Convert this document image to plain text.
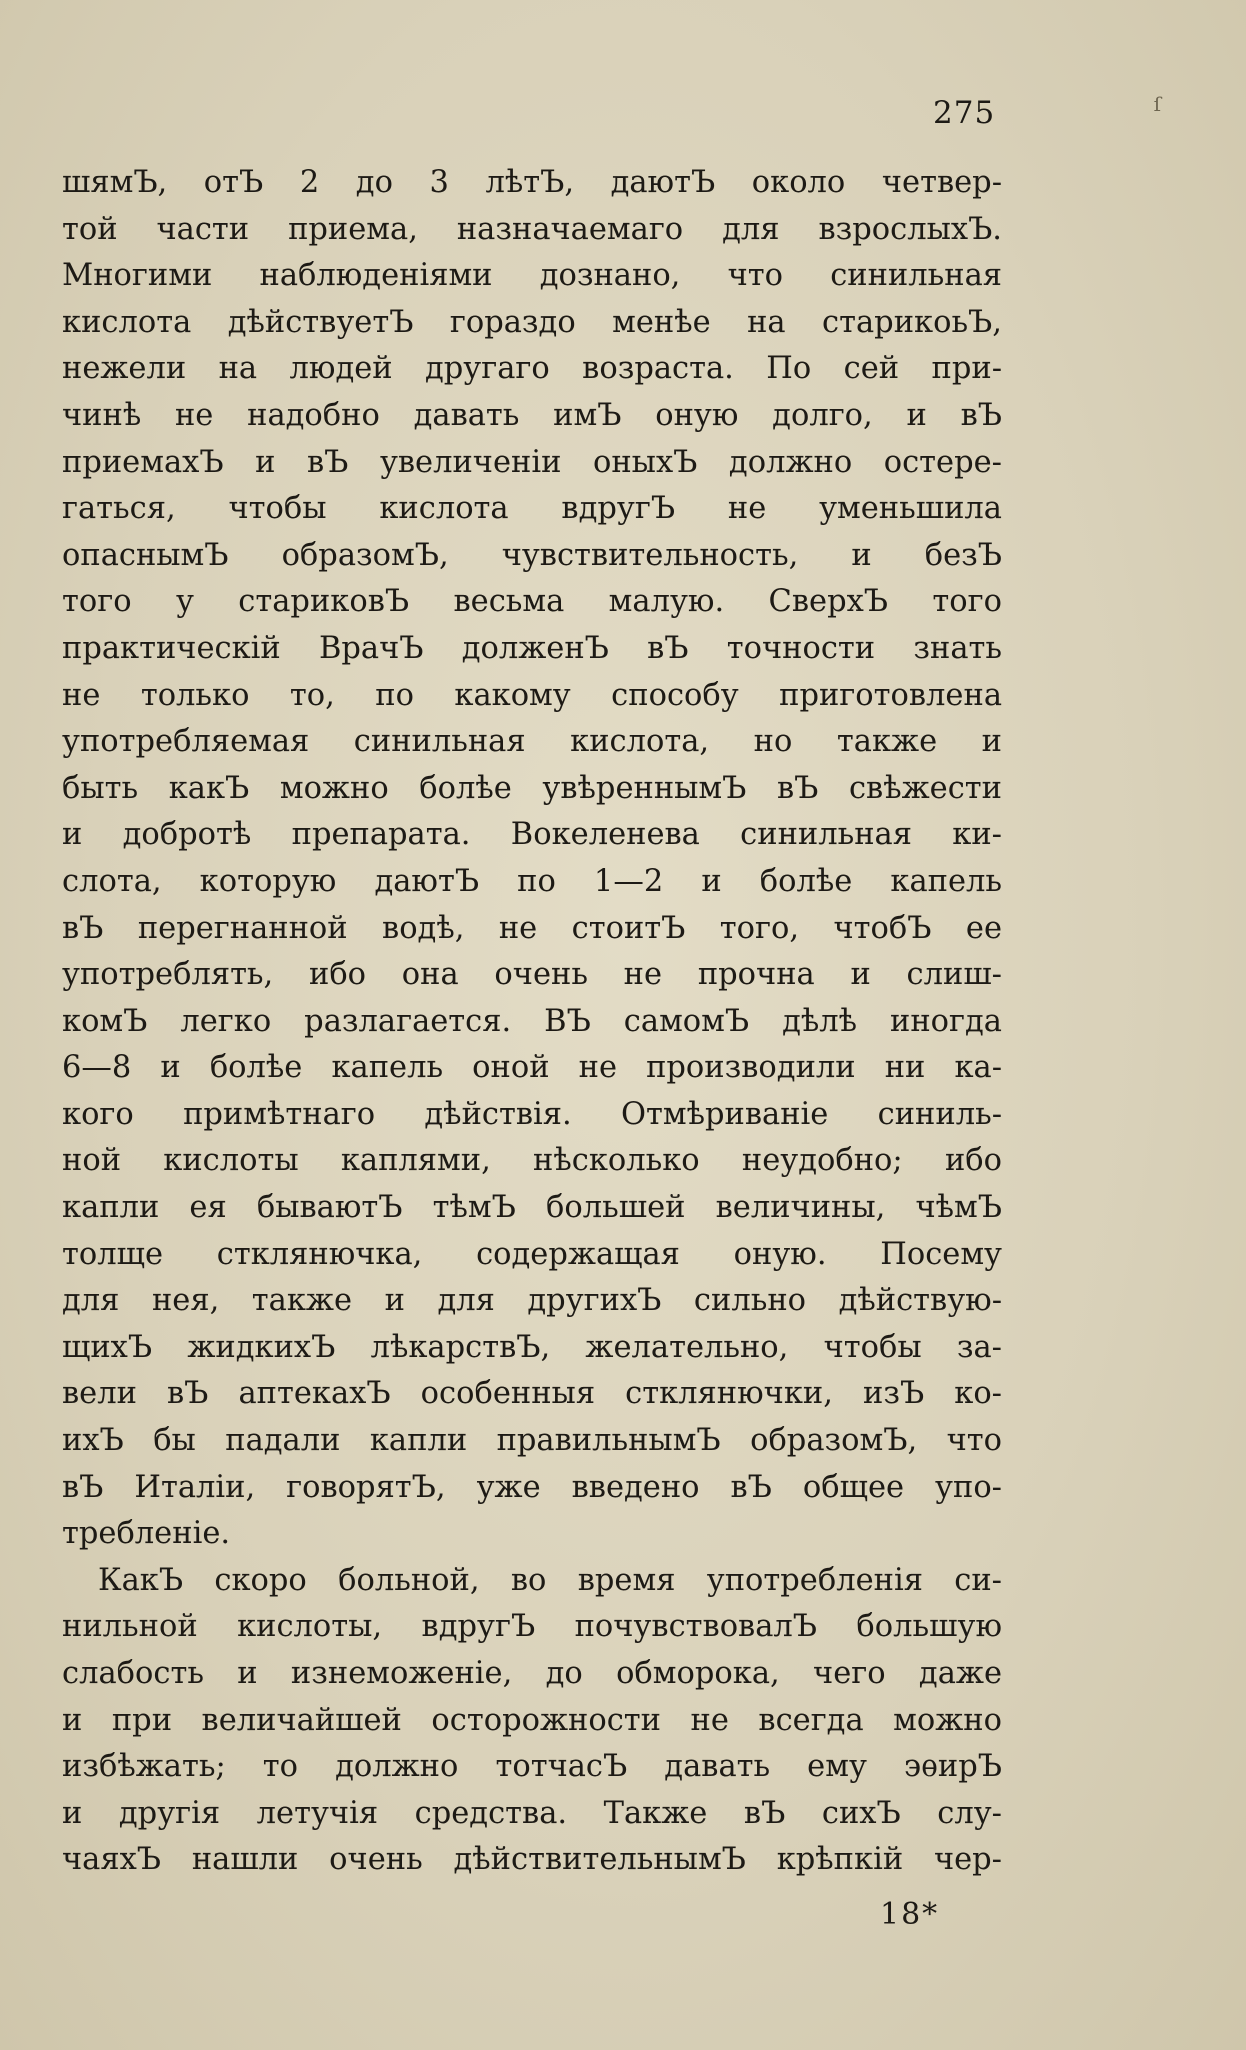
275	ſ
шямЪ, отЪ 2 до 3 лѣтЪ, даютЪ около четвер-
той части приема, назначаемаго для взрослыхЪ.
Многими наблюденіями дознано, что синильная
кислота дѣйствуетЪ гораздо менѣе на старикоьЪ,
нежели на людей другаго возраста. По сей при-
чинѣ не надобно давать имЪ оную долго, и вЪ
приемахЪ и вЪ увеличеніи оныхЪ должно остере-
гаться, чтобы кислота вдругЪ не уменьшила
опаснымЪ образомЪ, чувствительность, и безЪ
того у стариковЪ весьма малую. СверхЪ того
практическій ВрачЪ долженЪ вЪ точности знать
не только то, по какому способу приготовлена
употребляемая синильная кислота, но также и
быть какЪ можно болѣе увѣреннымЪ вЪ свѣжести
и добротѣ препарата. Вокеленева синильная ки-
слота, которую даютЪ по 1—2 и болѣе капель
вЪ перегнанной водѣ, не стоитЪ того, чтобЪ ее
употреблять, ибо она очень не прочна и слиш-
комЪ легко разлагается. ВЪ самомЪ дѣлѣ иногда
6—8 и болѣе капель оной не производили ни ка-
кого примѣтнаго дѣйствія. Отмѣриваніе синиль-
ной кислоты каплями, нѣсколько неудобно; ибо
капли ея бываютЪ тѣмЪ большей величины, чѣмЪ
толще стклянючка, содержащая оную. Посему
для нея, также и для другихЪ сильно дѣйствую-
щихЪ жидкихЪ лѣкарствЪ, желательно, чтобы за-
вели вЪ аптекахЪ особенныя стклянючки, изЪ ко-
ихЪ бы падали капли правильнымЪ образомЪ, что
вЪ Италіи, говорятЪ, уже введено вЪ общее упо-
требленіе.
КакЪ скоро больной, во время употребленія си-
нильной кислоты, вдругЪ почувствовалЪ большую
слабость и изнеможеніе, до обморока, чего даже
и при величайшей осторожности не всегда можно
избѣжать; то должно тотчасЪ давать ему эѳирЪ
и другія летучія средства. Также вЪ сихЪ слу-
чаяхЪ нашли очень дѣйствительнымЪ крѣпкій чер-
18*
